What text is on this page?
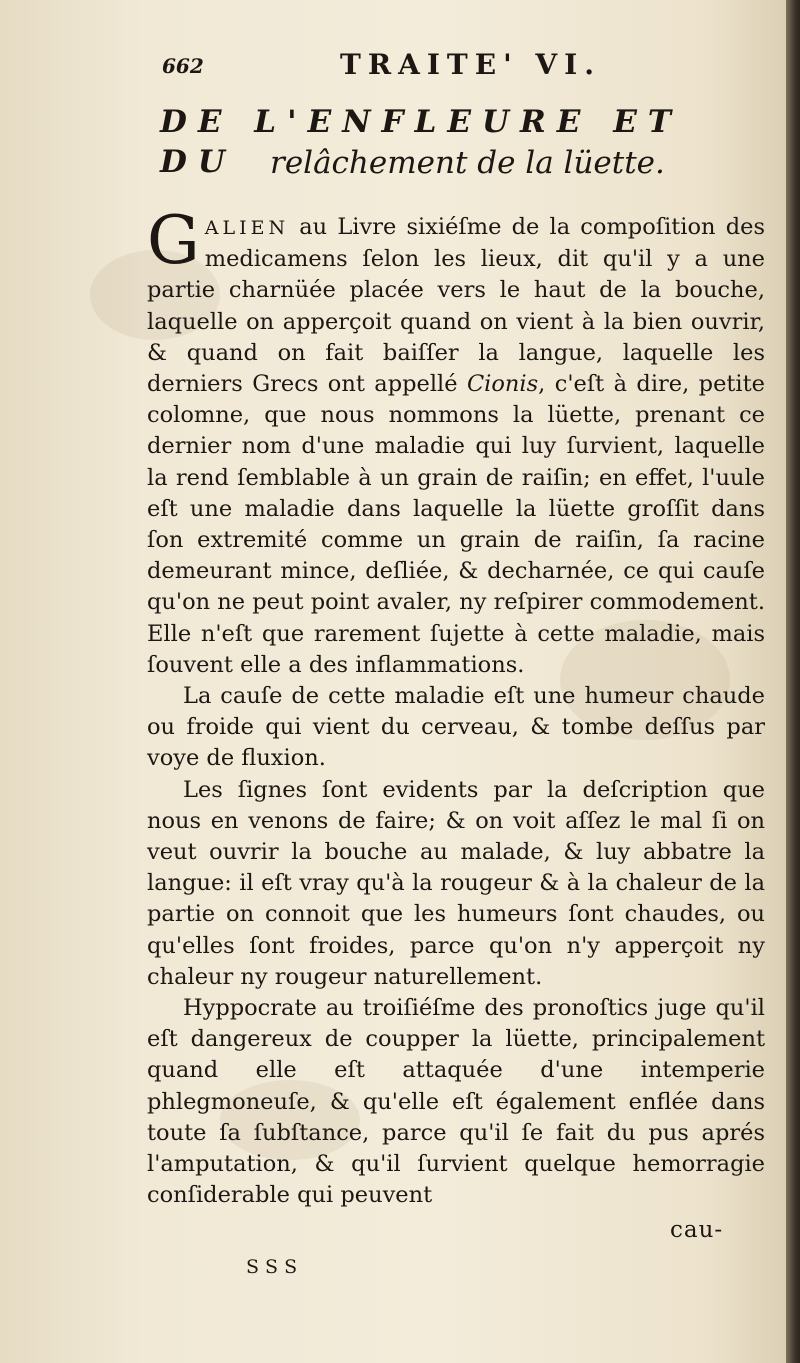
662	TRAITE' VI.
DE L'ENFLEURE ET DU	relâchement de la lüette.

GALIEN au Livre sixiéſme de la compoſition des medicamens ſelon les lieux, dit qu'il y a une partie charnüée placée vers le haut de la bouche, laquelle on apperçoit quand on vient à la bien ouvrir, & quand on fait baiſſer la langue, laquelle les derniers Grecs ont appellé Cionis, c'eſt à dire, petite colomne, que nous nommons la lüette, prenant ce dernier nom d'une maladie qui luy ſurvient, laquelle la rend ſemblable à un grain de raiſin; en effet, l'uule eſt une maladie dans laquelle la lüette groſſit dans ſon extremité comme un grain de raiſin, ſa racine demeurant mince, deſliée, & decharnée, ce qui cauſe qu'on ne peut point avaler, ny reſpirer commodement. Elle n'eſt que rarement ſujette à cette maladie, mais ſouvent elle a des inflammations.

La cauſe de cette maladie eſt une humeur chaude ou froide qui vient du cerveau, & tombe deſſus par voye de fluxion.

Les ſignes ſont evidents par la deſcription que nous en venons de faire; & on voit aſſez le mal ſi on veut ouvrir la bouche au malade, & luy abbatre la langue: il eſt vray qu'à la rougeur & à la chaleur de la partie on connoit que les humeurs ſont chaudes, ou qu'elles ſont froides, parce qu'on n'y apperçoit ny chaleur ny rougeur naturellement.

Hyppocrate au troiſiéſme des pronoſtics juge qu'il eſt dangereux de coupper la lüette, principalement quand elle eſt attaquée d'une intemperie phlegmoneuſe, & qu'elle eſt également enflée dans toute ſa ſubſtance, parce qu'il ſe fait du pus aprés l'amputation, & qu'il ſurvient quelque hemorragie conſiderable qui peuvent

cau-
S S S
